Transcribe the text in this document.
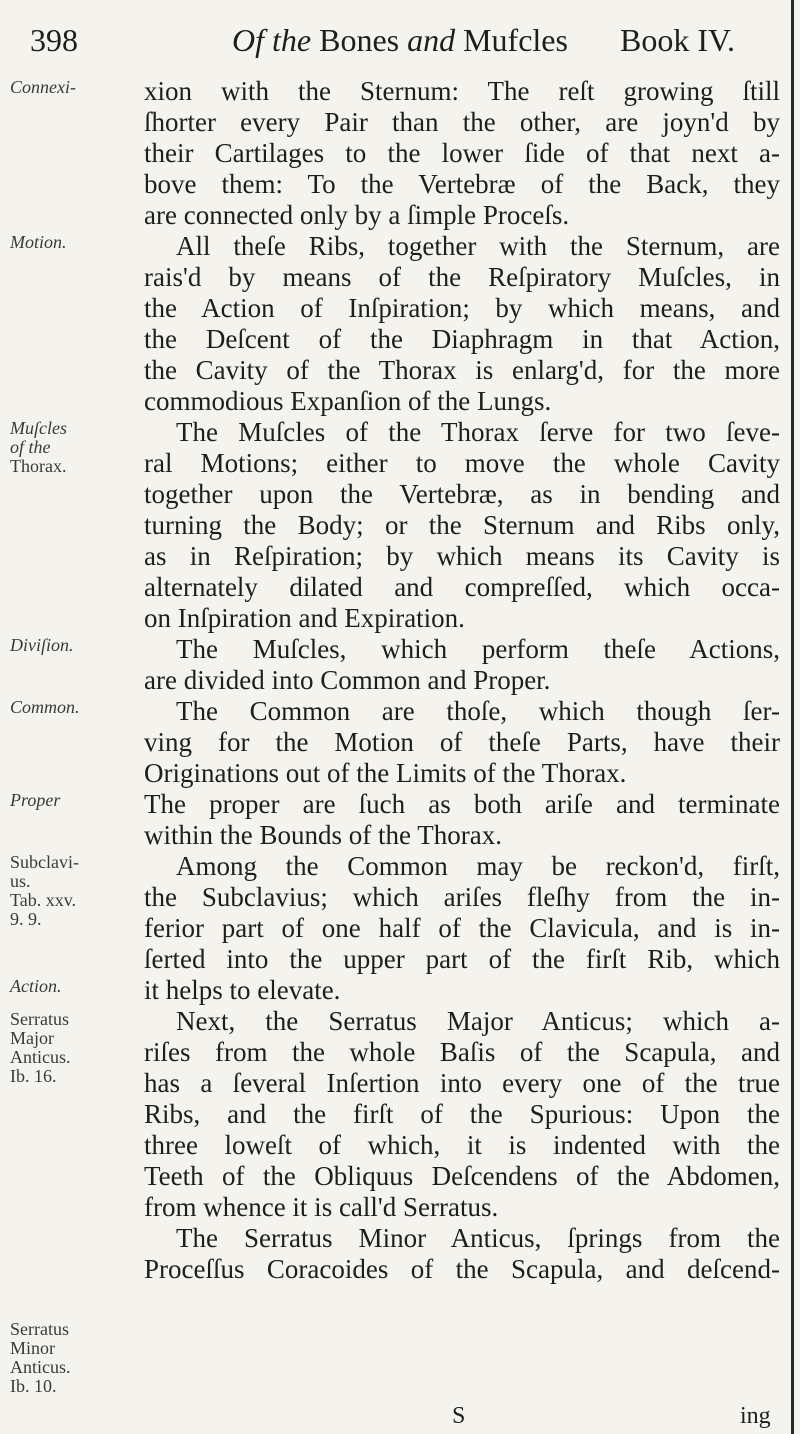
398	Of the Bones and Mufcles Book IV.
Connexi-
Motion.
Muſcles
of the
Thorax.
Diviſion.
Common.
Proper
Subclavi-
us.
Tab. xxv.
9. 9.
Action.
Serratus
Major
Anticus.
Ib. 16.
Serratus
Minor
Anticus.
Ib. 10.
xion with the Sternum: The reſt growing ſtill
ſhorter every Pair than the other, are joyn'd by
their Cartilages to the lower ſide of that next a-
bove them: To the Vertebræ of the Back, they
are connected only by a ſimple Proceſs.
All theſe Ribs, together with the Sternum, are
rais'd by means of the Reſpiratory Muſcles, in
the Action of Inſpiration; by which means, and
the Deſcent of the Diaphragm in that Action,
the Cavity of the Thorax is enlarg'd, for the more
commodious Expanſion of the Lungs.
The Muſcles of the Thorax ſerve for two ſeve-
ral Motions; either to move the whole Cavity
together upon the Vertebræ, as in bending and
turning the Body; or the Sternum and Ribs only,
as in Reſpiration; by which means its Cavity is
alternately dilated and compreſſed, which occa-
on Inſpiration and Expiration.
The Muſcles, which perform theſe Actions,
are divided into Common and Proper.
The Common are thoſe, which though ſer-
ving for the Motion of theſe Parts, have their
Originations out of the Limits of the Thorax.
The proper are ſuch as both ariſe and terminate
within the Bounds of the Thorax.
Among the Common may be reckon'd, firſt,
the Subclavius; which ariſes fleſhy from the in-
ferior part of one half of the Clavicula, and is in-
ſerted into the upper part of the firſt Rib, which
it helps to elevate.
Next, the Serratus Major Anticus; which a-
riſes from the whole Baſis of the Scapula, and
has a ſeveral Inſertion into every one of the true
Ribs, and the firſt of the Spurious: Upon the
three loweſt of which, it is indented with the
Teeth of the Obliquus Deſcendens of the Abdomen,
from whence it is call'd Serratus.
The Serratus Minor Anticus, ſprings from the
Proceſſus Coracoides of the Scapula, and deſcend-
S	ing
